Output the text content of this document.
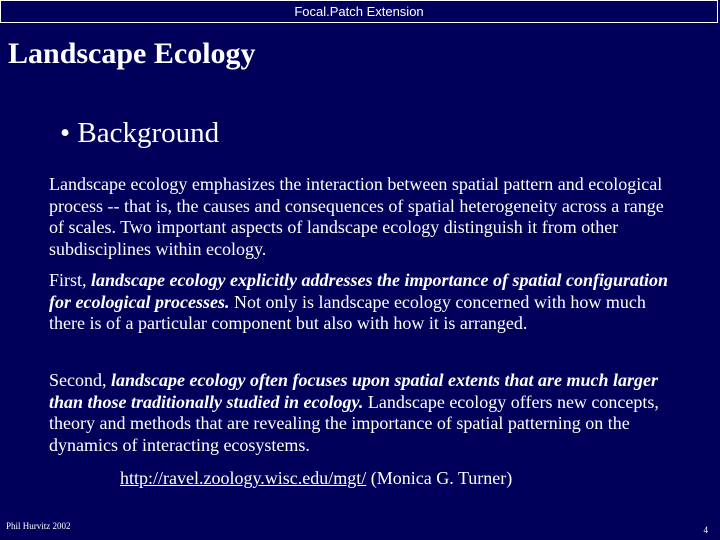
Focal.Patch Extension
Landscape Ecology
• Background

Landscape ecology emphasizes the interaction between spatial pattern and ecological process -- that is, the causes and consequences of spatial heterogeneity across a range of scales. Two important aspects of landscape ecology distinguish it from other subdisciplines within ecology.

First, landscape ecology explicitly addresses the importance of spatial configuration for ecological processes. Not only is landscape ecology concerned with how much there is of a particular component but also with how it is arranged.

Second, landscape ecology often focuses upon spatial extents that are much larger than those traditionally studied in ecology. Landscape ecology offers new concepts, theory and methods that are revealing the importance of spatial patterning on the dynamics of interacting ecosystems.

http://ravel.zoology.wisc.edu/mgt/ (Monica G. Turner)
Phil Hurvitz 2002	4
